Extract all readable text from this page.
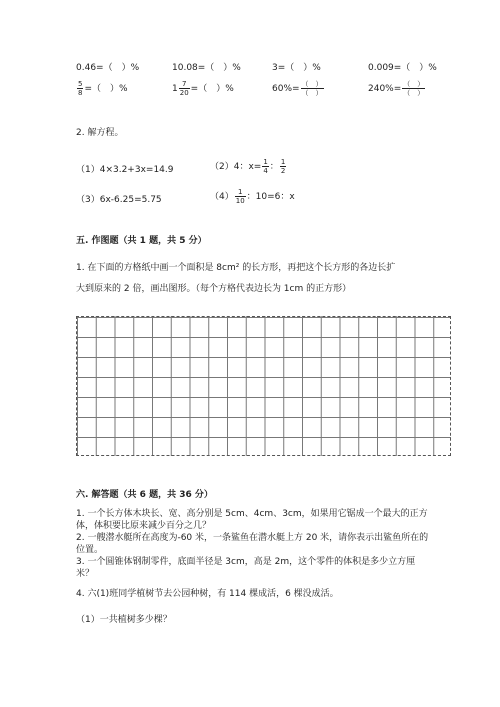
0.46=（　）%	10.08=（　）%	3=（　）%	0.009=（　）%
$\frac{5}{8}$ =（　）%	$1 \frac{7}{20}$ =（　）%	$60\%= \frac{( )}{( )}$	$240\%= \frac{( )}{( )}$
2. 解方程。
（1）4×3.2+3x=14.9	（2）4：$x= \frac{1}{4}$ ： $\frac{1}{2}$
（3）6x-6.25=5.75	$(4) \frac{1}{10}$ ：10=6：x
五. 作图题（共 1 题，共 5 分）
1. 在下面的方格纸中画一个面积是 8cm² 的长方形，再把这个长方形的各边长扩
大到原来的 2 倍，画出图形。（每个方格代表边长为 1cm 的正方形）
六. 解答题（共 6 题，共 36 分）
1. 一个长方体木块长、宽、高分别是 5cm、4cm、3cm，如果用它锯成一个最大的正方体，体积要比原来减少百分之几？
2. 一艘潜水艇所在高度为-60 米，一条鲨鱼在潜水艇上方 20 米，请你表示出鲨鱼所在的位置。
3. 一个圆锥体钢制零件，底面半径是 3cm，高是 2m，这个零件的体积是多少立方厘米？
4. 六(1)班同学植树节去公园种树，有 114 棵成活，6 棵没成活。
（1）一共植树多少棵？
